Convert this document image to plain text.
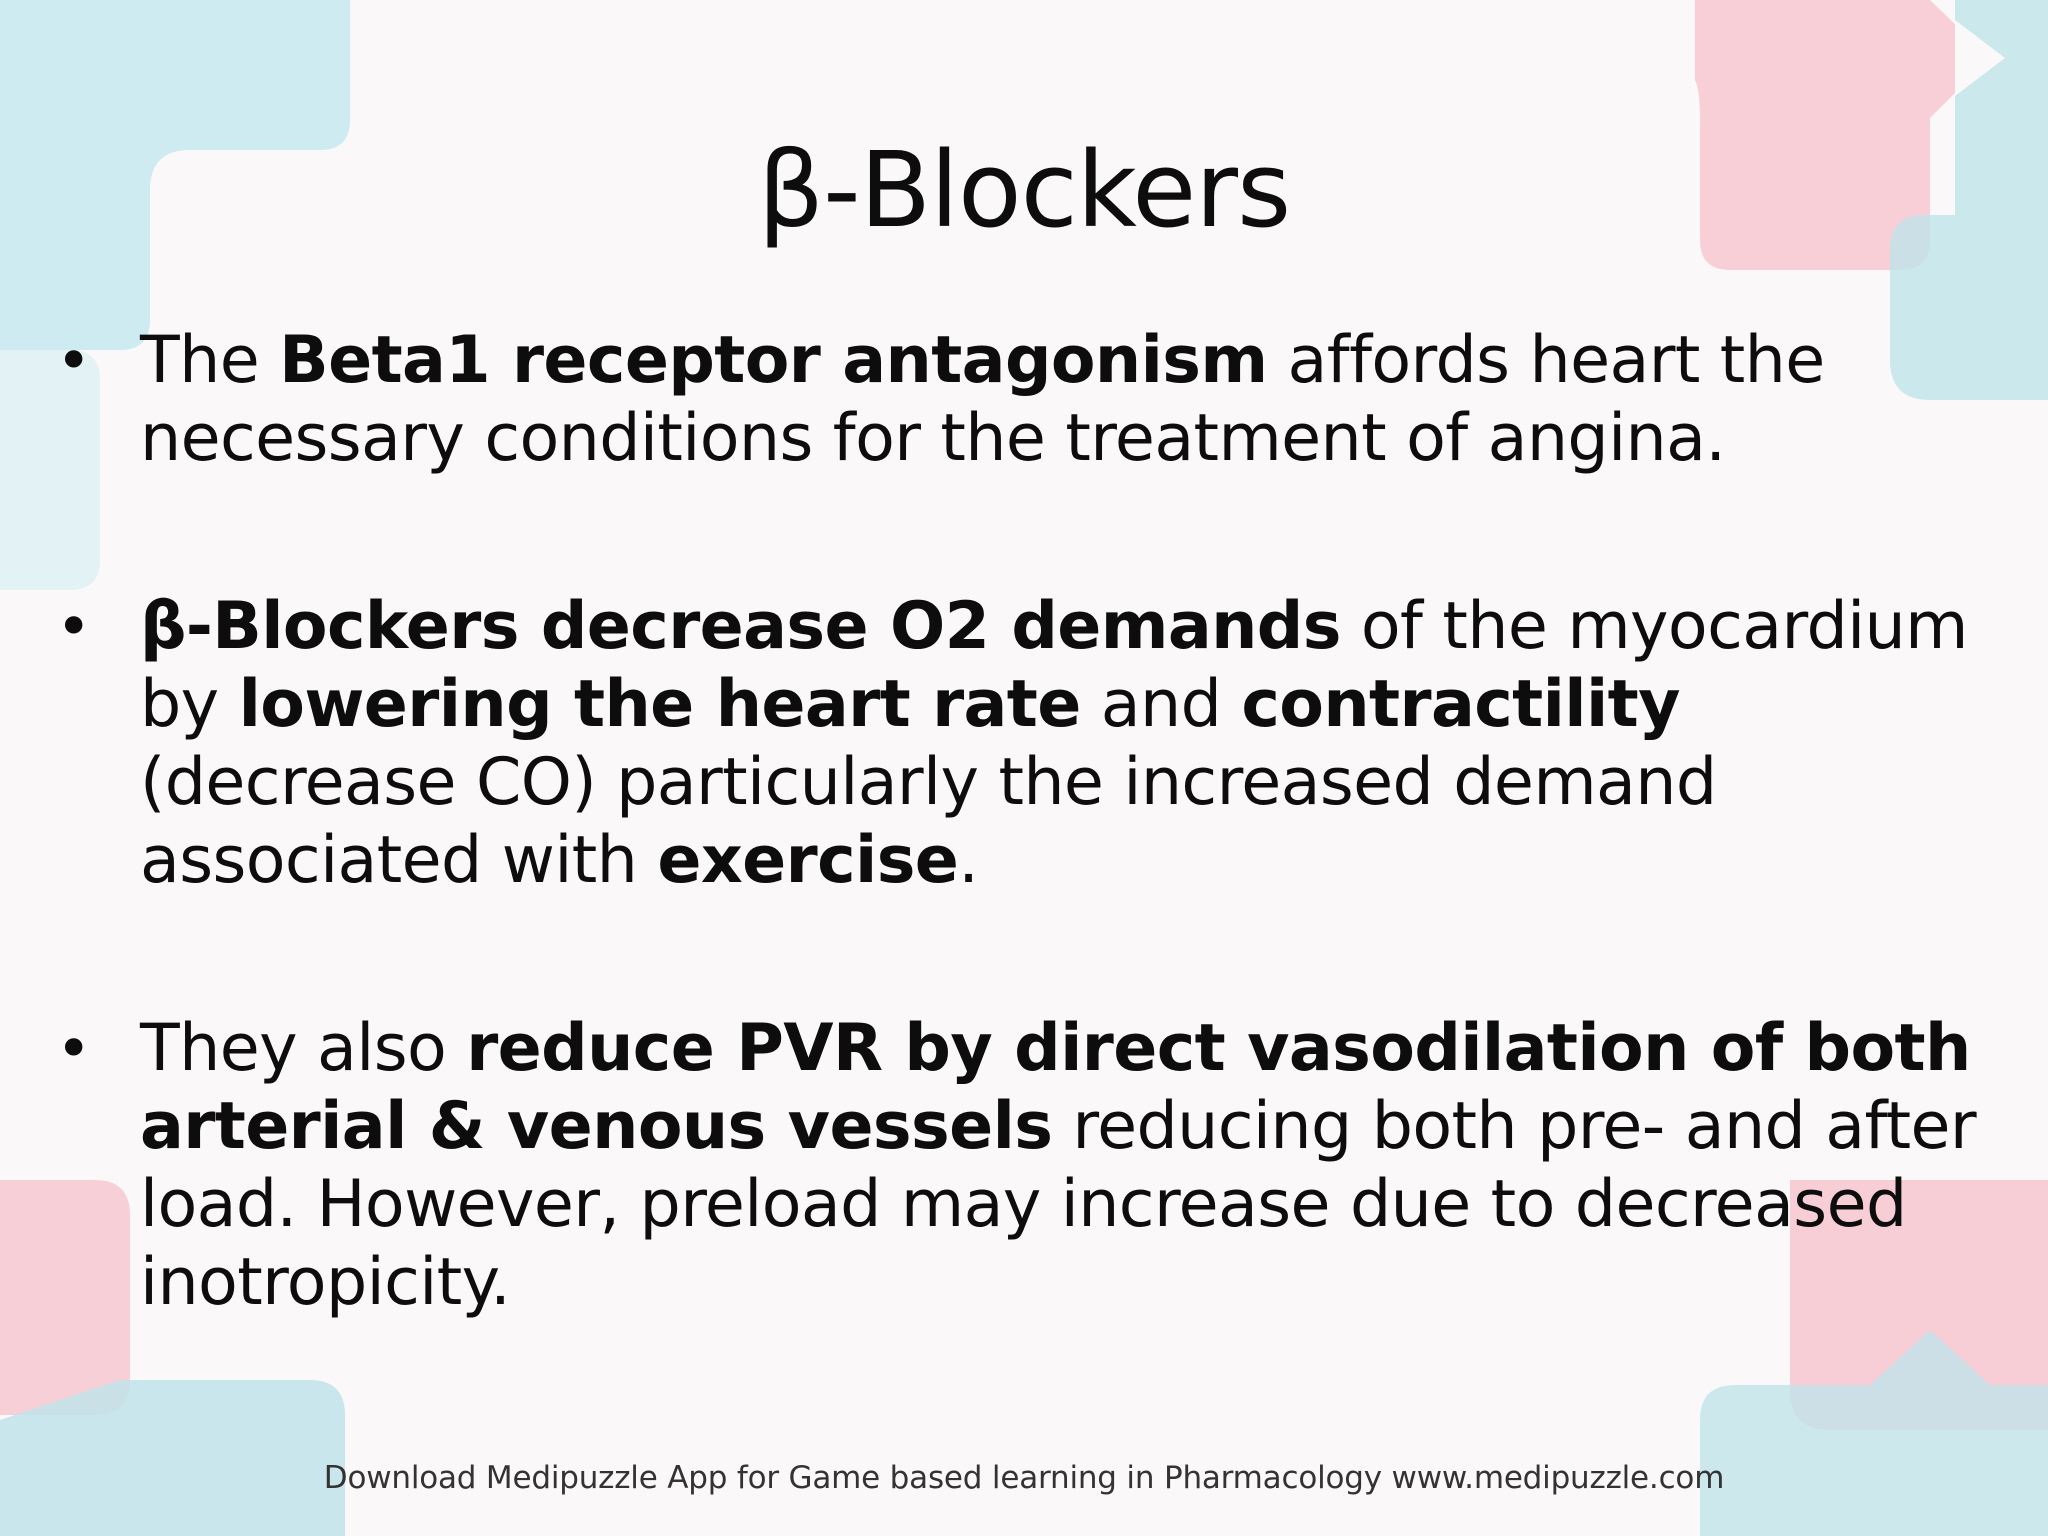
β-Blockers
• The Beta1 receptor antagonism affords heart the necessary conditions for the treatment of angina.
• β-Blockers decrease O2 demands of the myocardium by lowering the heart rate and contractility (decrease CO) particularly the increased demand associated with exercise.
• They also reduce PVR by direct vasodilation of both arterial & venous vessels reducing both pre- and after load. However, preload may increase due to decreased inotropicity.
Download Medipuzzle App for Game based learning in Pharmacology www.medipuzzle.com
